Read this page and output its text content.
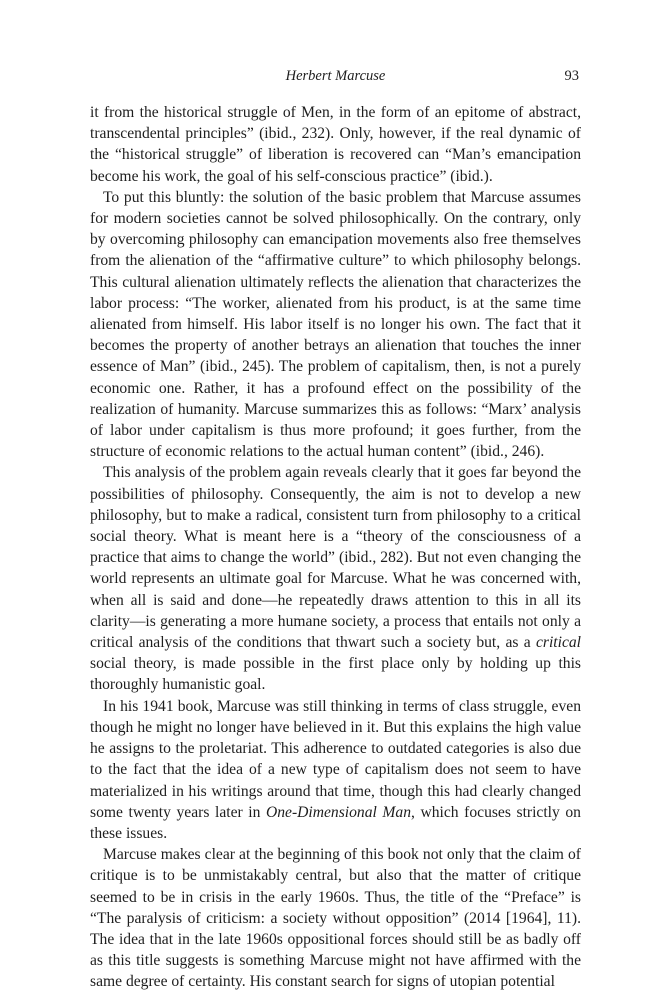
Herbert Marcuse	93

it from the historical struggle of Men, in the form of an epitome of abstract, transcendental principles” (ibid., 232). Only, however, if the real dynamic of the “historical struggle” of liberation is recovered can “Man’s emancipation become his work, the goal of his self-conscious practice” (ibid.).

To put this bluntly: the solution of the basic problem that Marcuse assumes for modern societies cannot be solved philosophically. On the contrary, only by overcoming philosophy can emancipation movements also free themselves from the alienation of the “affirmative culture” to which philosophy belongs. This cultural alienation ultimately reflects the alienation that characterizes the labor process: “The worker, alienated from his product, is at the same time alienated from himself. His labor itself is no longer his own. The fact that it becomes the property of another betrays an alienation that touches the inner essence of Man” (ibid., 245). The problem of capitalism, then, is not a purely economic one. Rather, it has a profound effect on the possibility of the realization of humanity. Marcuse summarizes this as follows: “Marx’ analysis of labor under capitalism is thus more profound; it goes further, from the structure of economic relations to the actual human content” (ibid., 246).

This analysis of the problem again reveals clearly that it goes far beyond the possibilities of philosophy. Consequently, the aim is not to develop a new philosophy, but to make a radical, consistent turn from philosophy to a critical social theory. What is meant here is a “theory of the consciousness of a practice that aims to change the world” (ibid., 282). But not even changing the world represents an ultimate goal for Marcuse. What he was concerned with, when all is said and done—he repeatedly draws attention to this in all its clarity—is generating a more humane society, a process that entails not only a critical analysis of the conditions that thwart such a society but, as a critical social theory, is made possible in the first place only by holding up this thoroughly humanistic goal.

In his 1941 book, Marcuse was still thinking in terms of class struggle, even though he might no longer have believed in it. But this explains the high value he assigns to the proletariat. This adherence to outdated categories is also due to the fact that the idea of a new type of capitalism does not seem to have materialized in his writings around that time, though this had clearly changed some twenty years later in One-Dimensional Man, which focuses strictly on these issues.

Marcuse makes clear at the beginning of this book not only that the claim of critique is to be unmistakably central, but also that the matter of critique seemed to be in crisis in the early 1960s. Thus, the title of the “Preface” is “The paralysis of criticism: a society without opposition” (2014 [1964], 11). The idea that in the late 1960s oppositional forces should still be as badly off as this title suggests is something Marcuse might not have affirmed with the same degree of certainty. His constant search for signs of utopian potential
